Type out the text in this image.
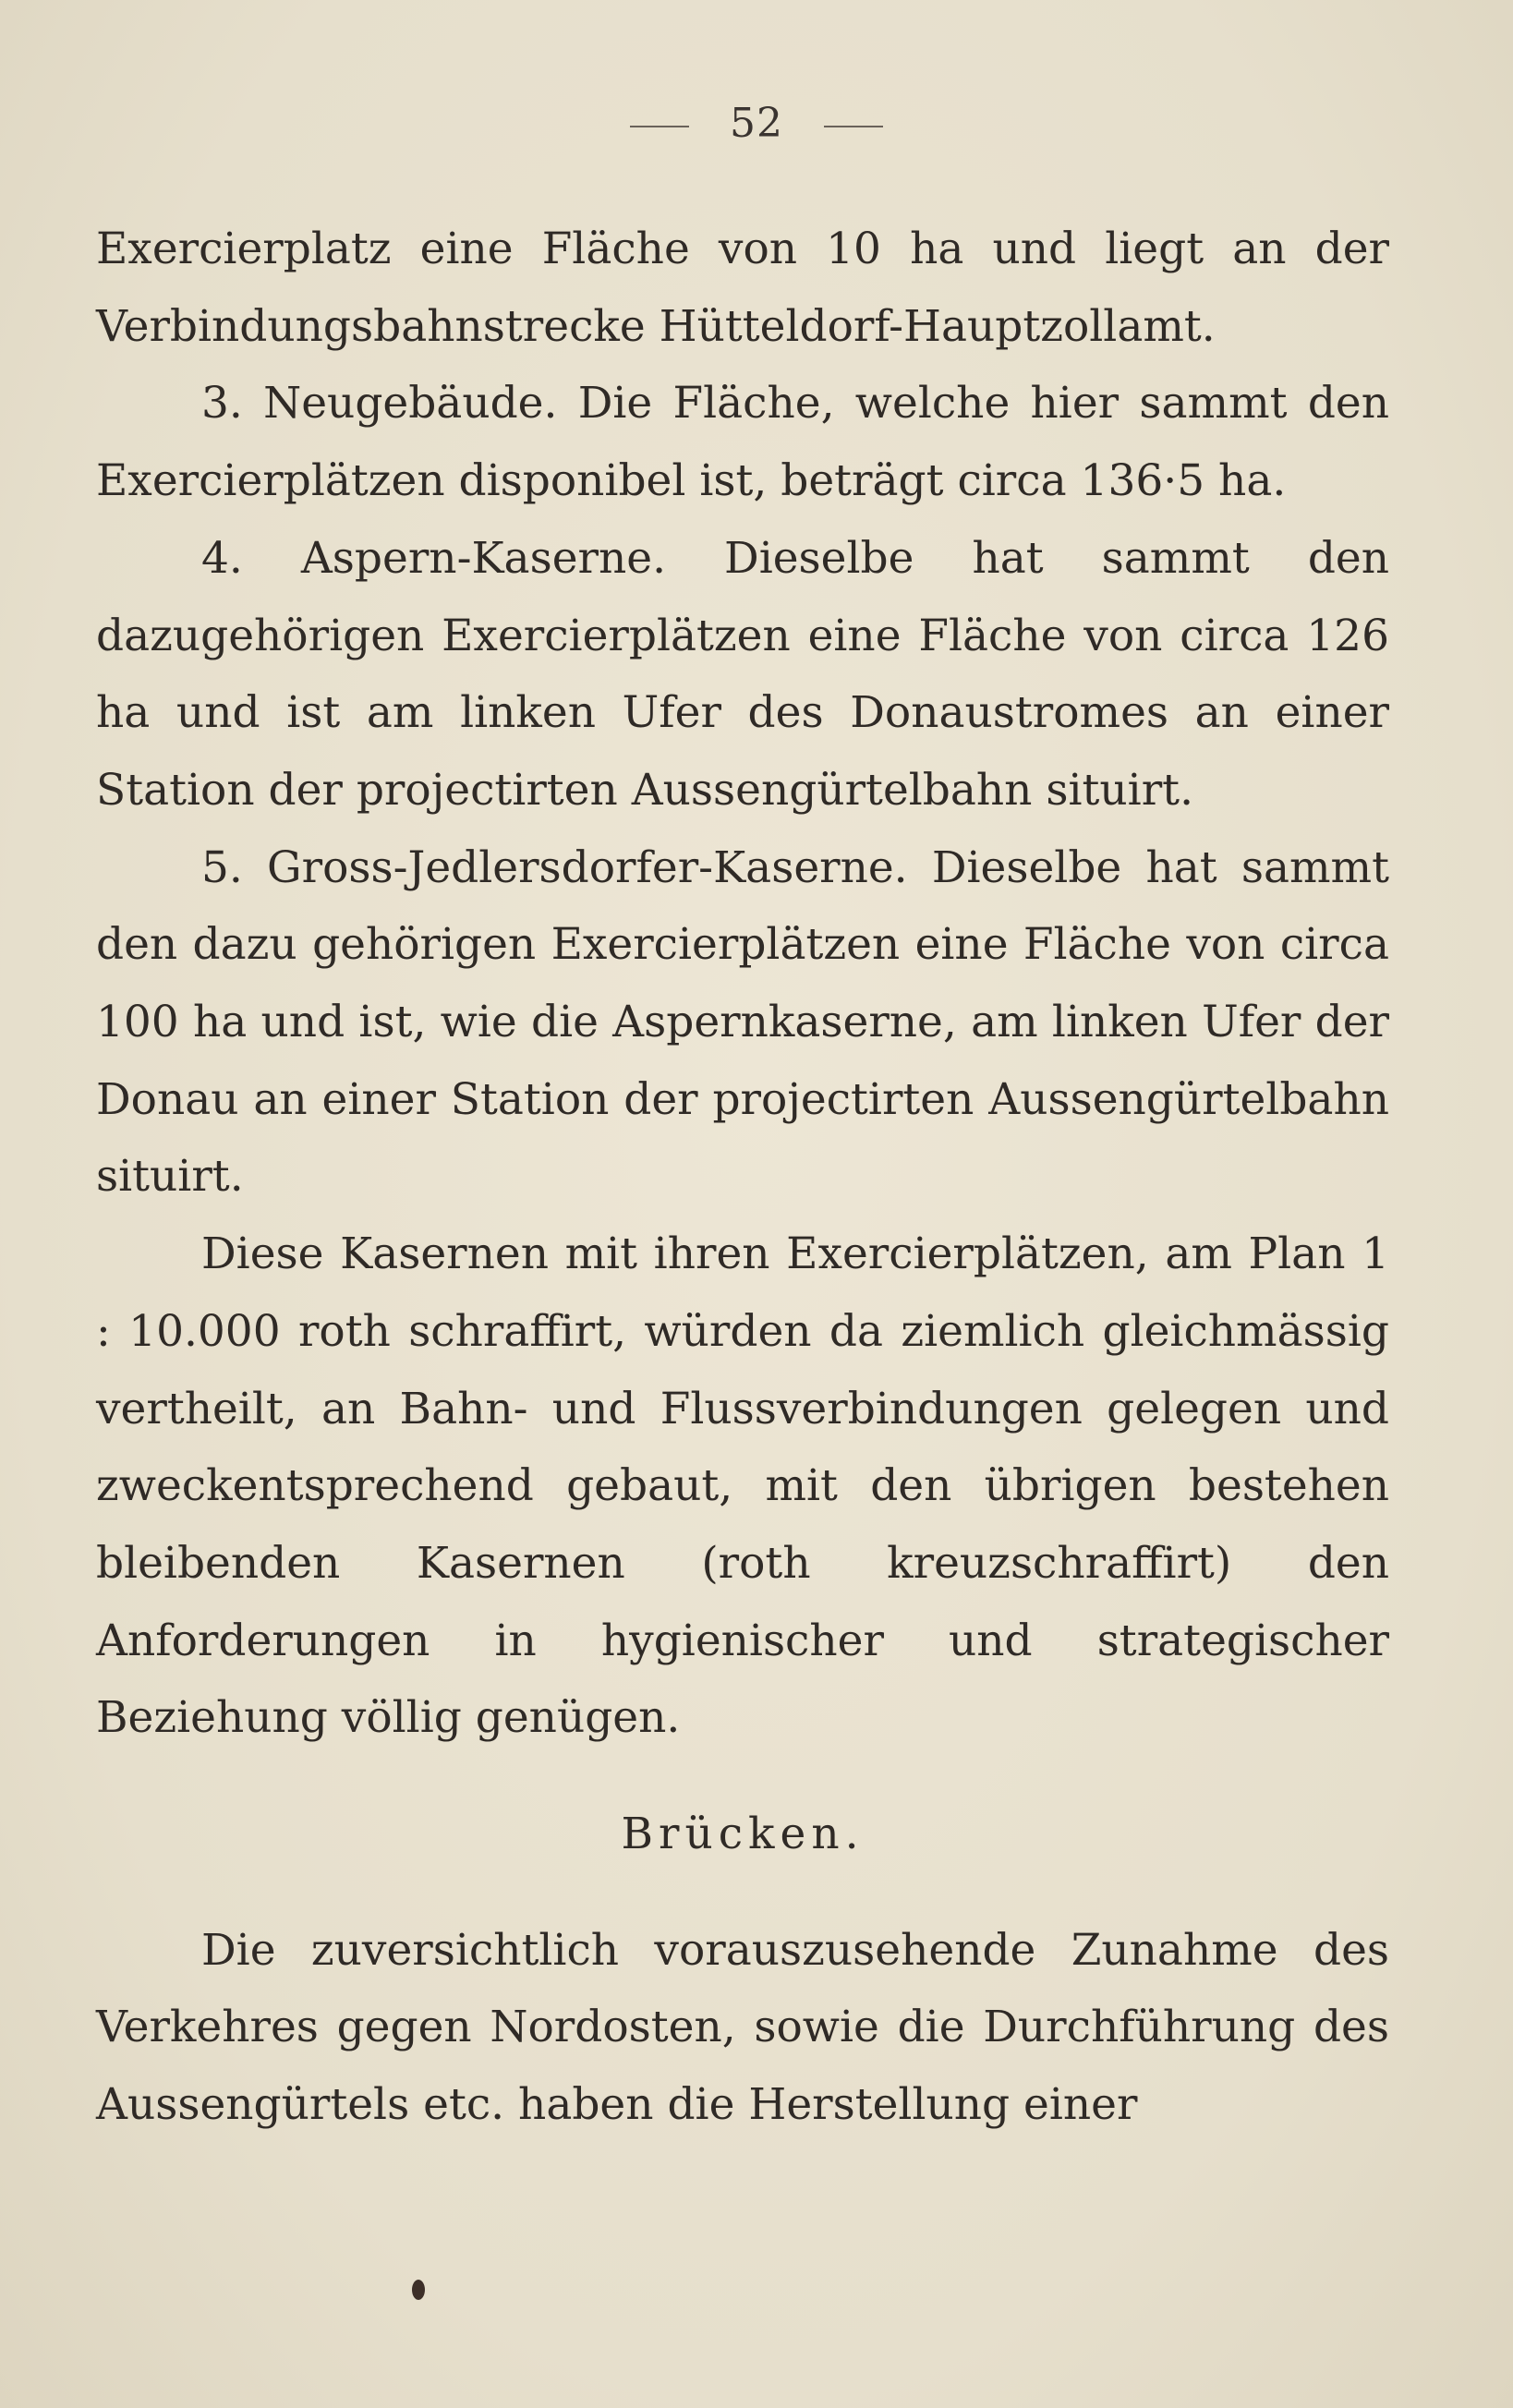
52

Exercierplatz eine Fläche von 10 ha und liegt an der Verbindungsbahnstrecke Hütteldorf-Hauptzollamt.

3. Neugebäude. Die Fläche, welche hier sammt den Exercierplätzen disponibel ist, beträgt circa 136·5 ha.

4. Aspern-Kaserne. Dieselbe hat sammt den dazugehörigen Exercierplätzen eine Fläche von circa 126 ha und ist am linken Ufer des Donaustromes an einer Station der projectirten Aussengürtelbahn situirt.

5. Gross-Jedlersdorfer-Kaserne. Dieselbe hat sammt den dazu gehörigen Exercierplätzen eine Fläche von circa 100 ha und ist, wie die Aspernkaserne, am linken Ufer der Donau an einer Station der projectirten Aussengürtelbahn situirt.

Diese Kasernen mit ihren Exercierplätzen, am Plan 1 : 10.000 roth schraffirt, würden da ziemlich gleichmässig vertheilt, an Bahn- und Flussverbindungen gelegen und zweckentsprechend gebaut, mit den übrigen bestehen bleibenden Kasernen (roth kreuzschraffirt) den Anforderungen in hygienischer und strategischer Beziehung völlig genügen.

Brücken.

Die zuversichtlich vorauszusehende Zunahme des Verkehres gegen Nordosten, sowie die Durchführung des Aussengürtels etc. haben die Herstellung einer
